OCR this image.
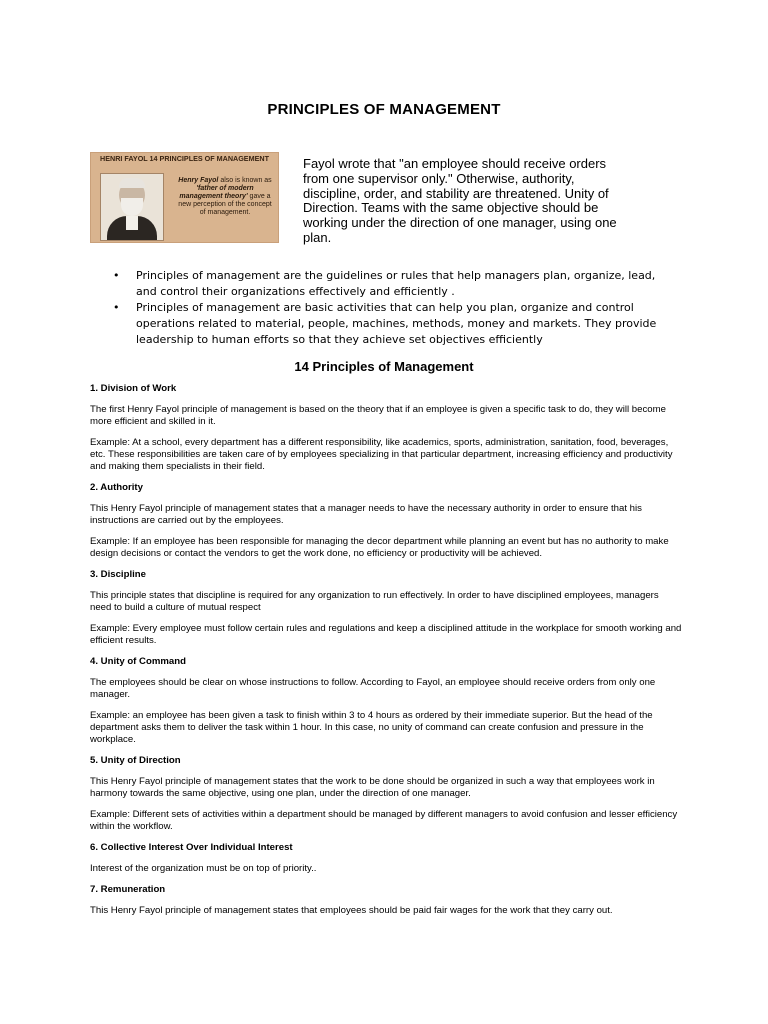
PRINCIPLES OF MANAGEMENT
HENRI FAYOL 14 PRINCIPLES OF MANAGEMENT
Henry Fayol also is known as 'father of modern management theory' gave a new perception of the concept of management.
Fayol wrote that "an employee should receive orders from one supervisor only." Otherwise, authority, discipline, order, and stability are threatened. Unity of Direction. Teams with the same objective should be working under the direction of one manager, using one plan.
• Principles of management are the guidelines or rules that help managers plan, organize, lead, and control their organizations effectively and efficiently .
• Principles of management are basic activities that can help you plan, organize and control operations related to material, people, machines, methods, money and markets. They provide leadership to human efforts so that they achieve set objectives efficiently
14 Principles of Management
1. Division of Work

The first Henry Fayol principle of management is based on the theory that if an employee is given a specific task to do, they will become more efficient and skilled in it.

Example: At a school, every department has a different responsibility, like academics, sports, administration, sanitation, food, beverages, etc. These responsibilities are taken care of by employees specializing in that particular department, increasing efficiency and productivity and making them specialists in their field.

2. Authority

This Henry Fayol principle of management states that a manager needs to have the necessary authority in order to ensure that his instructions are carried out by the employees.

Example: If an employee has been responsible for managing the decor department while planning an event but has no authority to make design decisions or contact the vendors to get the work done, no efficiency or productivity will be achieved.

3. Discipline

This principle states that discipline is required for any organization to run effectively. In order to have disciplined employees, managers need to build a culture of mutual respect

Example: Every employee must follow certain rules and regulations and keep a disciplined attitude in the workplace for smooth working and efficient results.

4. Unity of Command

The employees should be clear on whose instructions to follow. According to Fayol, an employee should receive orders from only one manager.

Example: an employee has been given a task to finish within 3 to 4 hours as ordered by their immediate superior. But the head of the department asks them to deliver the task within 1 hour. In this case, no unity of command can create confusion and pressure in the workplace.

5. Unity of Direction

This Henry Fayol principle of management states that the work to be done should be organized in such a way that employees work in harmony towards the same objective, using one plan, under the direction of one manager.

Example: Different sets of activities within a department should be managed by different managers to avoid confusion and lesser efficiency within the workflow.

6. Collective Interest Over Individual Interest

Interest of the organization must be on top of priority..

7. Remuneration

This Henry Fayol principle of management states that employees should be paid fair wages for the work that they carry out.
